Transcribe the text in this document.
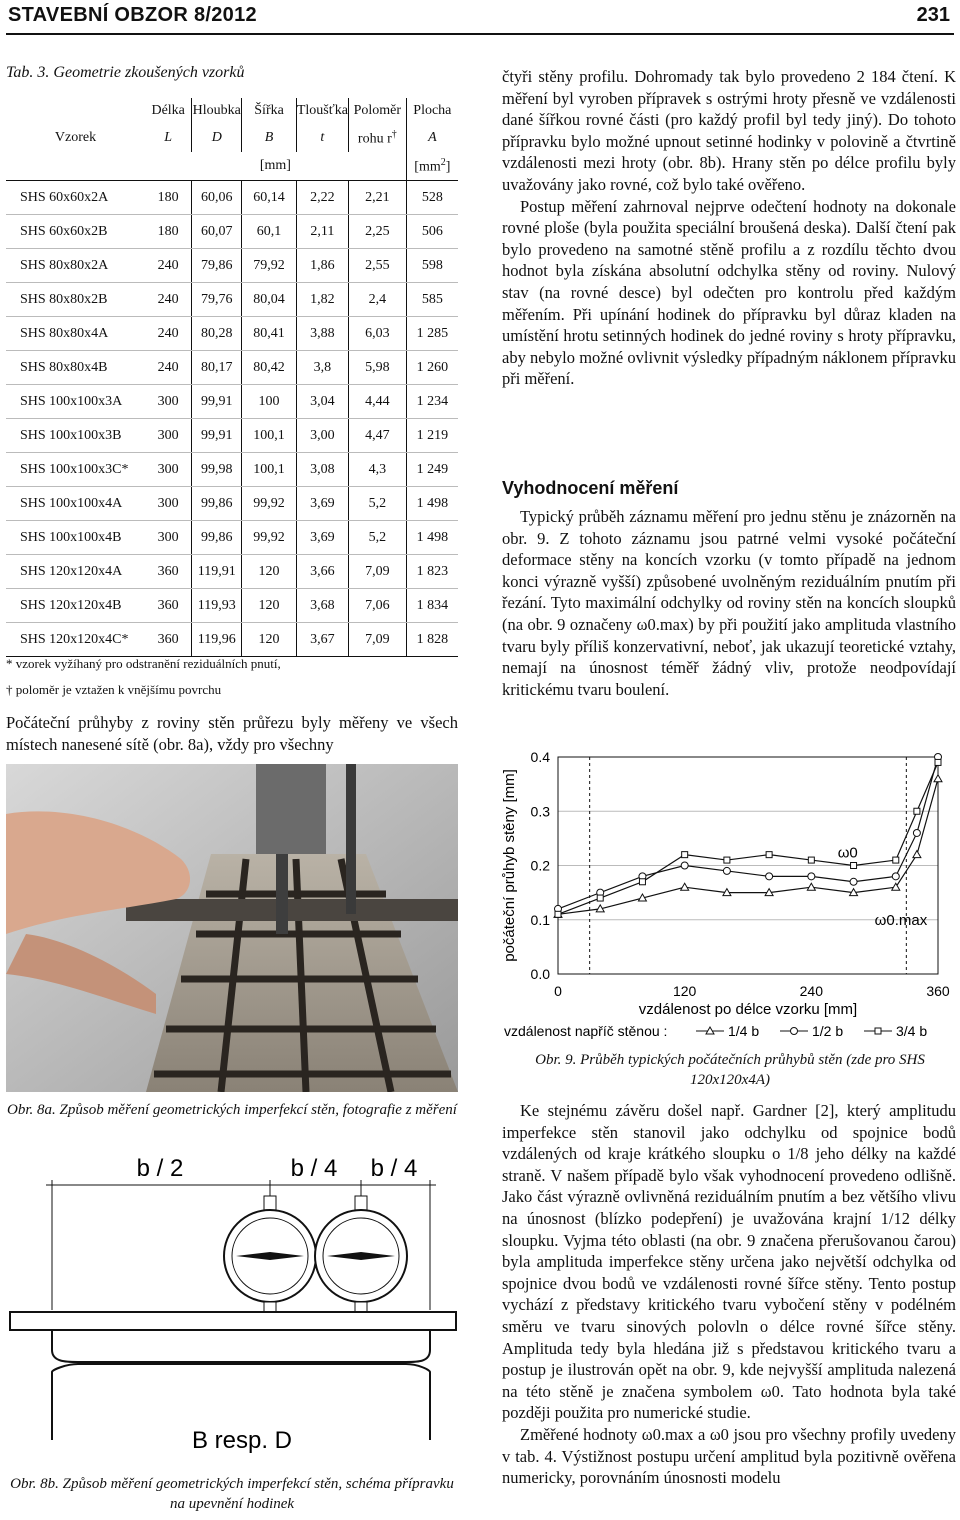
STAVEBNÍ OBZOR 8/2012	231
Tab. 3. Geometrie zkoušených vzorků
	Délka	Hloubka	Šířka	Tloušťka	Poloměr	Plocha
Vzorek	L	D	B	t	rohu r†	A
	[mm]					$[mm^2]$
SHS 60x60x2A	180	60,06	60,14	2,22	2,21	528
SHS 60x60x2B	180	60,07	60,1	2,11	2,25	506
SHS 80x80x2A	240	79,86	79,92	1,86	2,55	598
SHS 80x80x2B	240	79,76	80,04	1,82	2,4	585
SHS 80x80x4A	240	80,28	80,41	3,88	6,03	1 285
SHS 80x80x4B	240	80,17	80,42	3,8	5,98	1 260
SHS 100x100x3A	300	99,91	100	3,04	4,44	1 234
SHS 100x100x3B	300	99,91	100,1	3,00	4,47	1 219
SHS 100x100x3C*	300	99,98	100,1	3,08	4,3	1 249
SHS 100x100x4A	300	99,86	99,92	3,69	5,2	1 498
SHS 100x100x4B	300	99,86	99,92	3,69	5,2	1 498
SHS 120x120x4A	360	119,91	120	3,66	7,09	1 823
SHS 120x120x4B	360	119,93	120	3,68	7,06	1 834
SHS 120x120x4C*	360	119,96	120	3,67	7,09	1 828
* vzorek vyžíhaný pro odstranění reziduálních pnutí,
† poloměr je vztažen k vnějšímu povrchu

Počáteční průhyby z roviny stěn průřezu byly měřeny ve všech místech nanesené sítě (obr. 8a), vždy pro všechny

Obr. 8a. Způsob měření geometrických imperfekcí stěn, fotografie z měření
b / 2	b / 4 b / 4
B resp. D
Obr. 8b. Způsob měření geometrických imperfekcí stěn, schéma přípravku na upevnění hodinek

čtyři stěny profilu. Dohromady tak bylo provedeno 2 184 čtení. K měření byl vyroben přípravek s ostrými hroty přesně ve vzdálenosti dané šířkou rovné části (pro každý profil byl tedy jiný). Do tohoto přípravku bylo možné upnout setinné hodinky v polovině a čtvrtině vzdálenosti mezi hroty (obr. 8b). Hrany stěn po délce profilu byly uvažovány jako rovné, což bylo také ověřeno.

Postup měření zahrnoval nejprve odečtení hodnoty na dokonale rovné ploše (byla použita speciální broušená deska). Další čtení pak bylo provedeno na samotné stěně profilu a z rozdílu těchto dvou hodnot byla získána absolutní odchylka stěny od roviny. Nulový stav (na rovné desce) byl odečten pro kontrolu před každým měřením. Při upínání hodinek do přípravku byl důraz kladen na umístění hrotu setinných hodinek do jedné roviny s hroty přípravku, aby nebylo možné ovlivnit výsledky případným náklonem přípravku při měření.

Vyhodnocení měření

Typický průběh záznamu měření pro jednu stěnu je znázorněn na obr. 9. Z tohoto záznamu jsou patrné velmi vysoké počáteční deformace stěny na koncích vzorku (v tomto případě na jednom konci výrazně vyšší) způsobené uvolněným reziduálním pnutím při řezání. Tyto maximální odchylky od roviny stěn na koncích sloupků (na obr. 9 označeny ω0.max) by při použití jako amplituda vlastního tvaru byly příliš konzervativní, neboť, jak ukazují teoretické vztahy, nemají na únosnost téměř žádný vliv, protože neodpovídají kritickému tvaru boulení.

0.0
0.1
0.2
0.3
0.4
0	120	240	360
počáteční průhyb stěny [mm]
vzdálenost po délce vzorku [mm]
ω0
ω0.max
vzdálenost napříč stěnou :	1/4 b	1/2 b	3/4 b
Obr. 9. Průběh typických počátečních průhybů stěn (zde pro SHS 120x120x4A)

Ke stejnému závěru došel např. Gardner [2], který amplitudu imperfekce stěn stanovil jako odchylku od spojnice bodů vzdálených od kraje krátkého sloupku o 1/8 jeho délky na každé straně. V našem případě bylo však vyhodnocení provedeno odlišně. Jako část výrazně ovlivněná reziduálním pnutím a bez většího vlivu na únosnost (blízko podepření) je uvažována krajní 1/12 délky sloupku. Vyjma této oblasti (na obr. 9 značena přerušovanou čarou) byla amplituda imperfekce stěny určena jako největší odchylka od spojnice dvou bodů ve vzdálenosti rovné šířce stěny. Tento postup vychází z představy kritického tvaru vybočení stěny v podélném směru ve tvaru sinových polovln o délce rovné šířce stěny. Amplituda tedy byla hledána již s představou kritického tvaru a postup je ilustrován opět na obr. 9, kde nejvyšší amplituda nalezená na této stěně je značena symbolem ω0. Tato hodnota byla také později použita pro numerické studie.

Změřené hodnoty ω0.max a ω0 jsou pro všechny profily uvedeny v tab. 4. Výstižnost postupu určení amplitud byla pozitivně ověřena numericky, porovnáním únosnosti modelu
